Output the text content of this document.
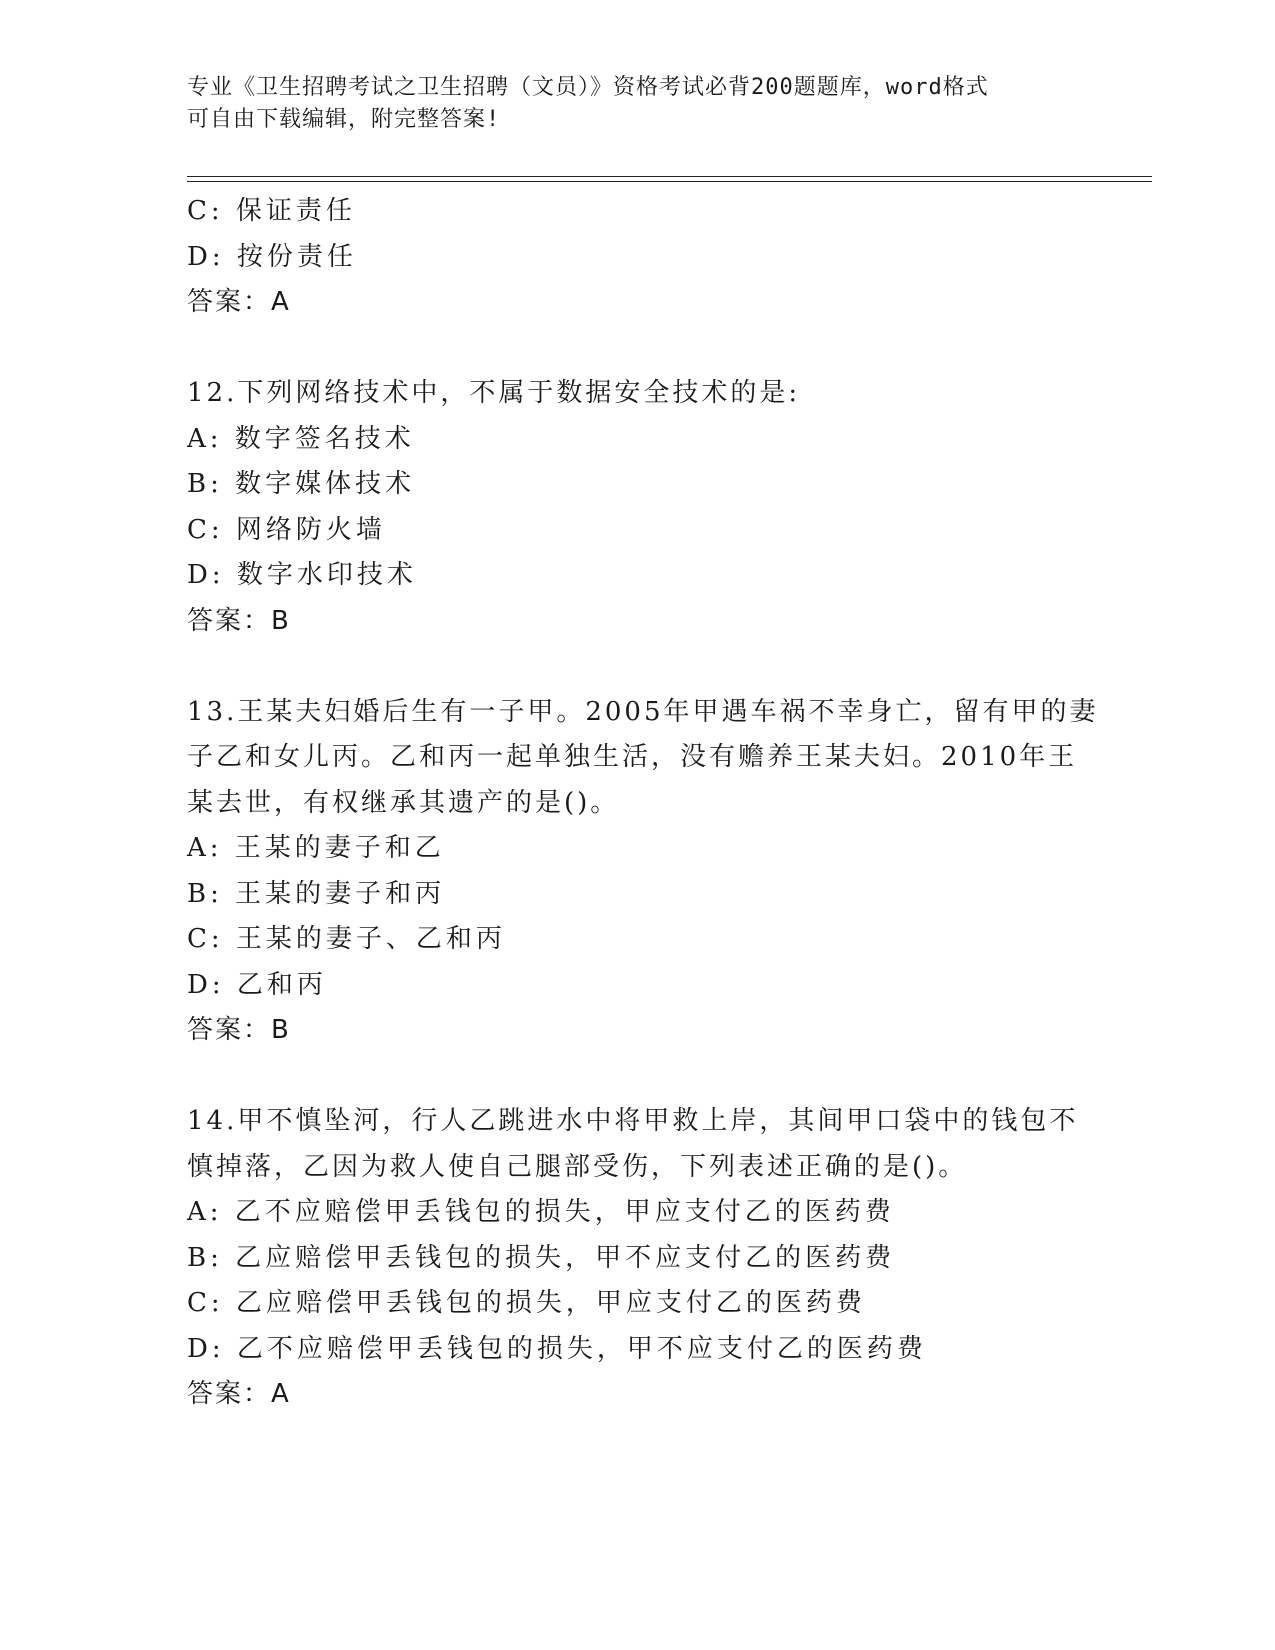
专业《卫生招聘考试之卫生招聘（文员）》资格考试必背200题题库，word格式
可自由下载编辑，附完整答案!
C: 保证责任
D: 按份责任
答案：A
12.下列网络技术中，不属于数据安全技术的是:
A: 数字签名技术
B: 数字媒体技术
C: 网络防火墙
D: 数字水印技术
答案：B
13.王某夫妇婚后生有一子甲。2005年甲遇车祸不幸身亡，留有甲的妻
子乙和女儿丙。乙和丙一起单独生活，没有赡养王某夫妇。2010年王
某去世，有权继承其遗产的是()。
A: 王某的妻子和乙
B: 王某的妻子和丙
C: 王某的妻子、乙和丙
D: 乙和丙
答案：B
14.甲不慎坠河，行人乙跳进水中将甲救上岸，其间甲口袋中的钱包不
慎掉落，乙因为救人使自己腿部受伤，下列表述正确的是()。
A: 乙不应赔偿甲丢钱包的损失，甲应支付乙的医药费
B: 乙应赔偿甲丢钱包的损失，甲不应支付乙的医药费
C: 乙应赔偿甲丢钱包的损失，甲应支付乙的医药费
D: 乙不应赔偿甲丢钱包的损失，甲不应支付乙的医药费
答案：A
